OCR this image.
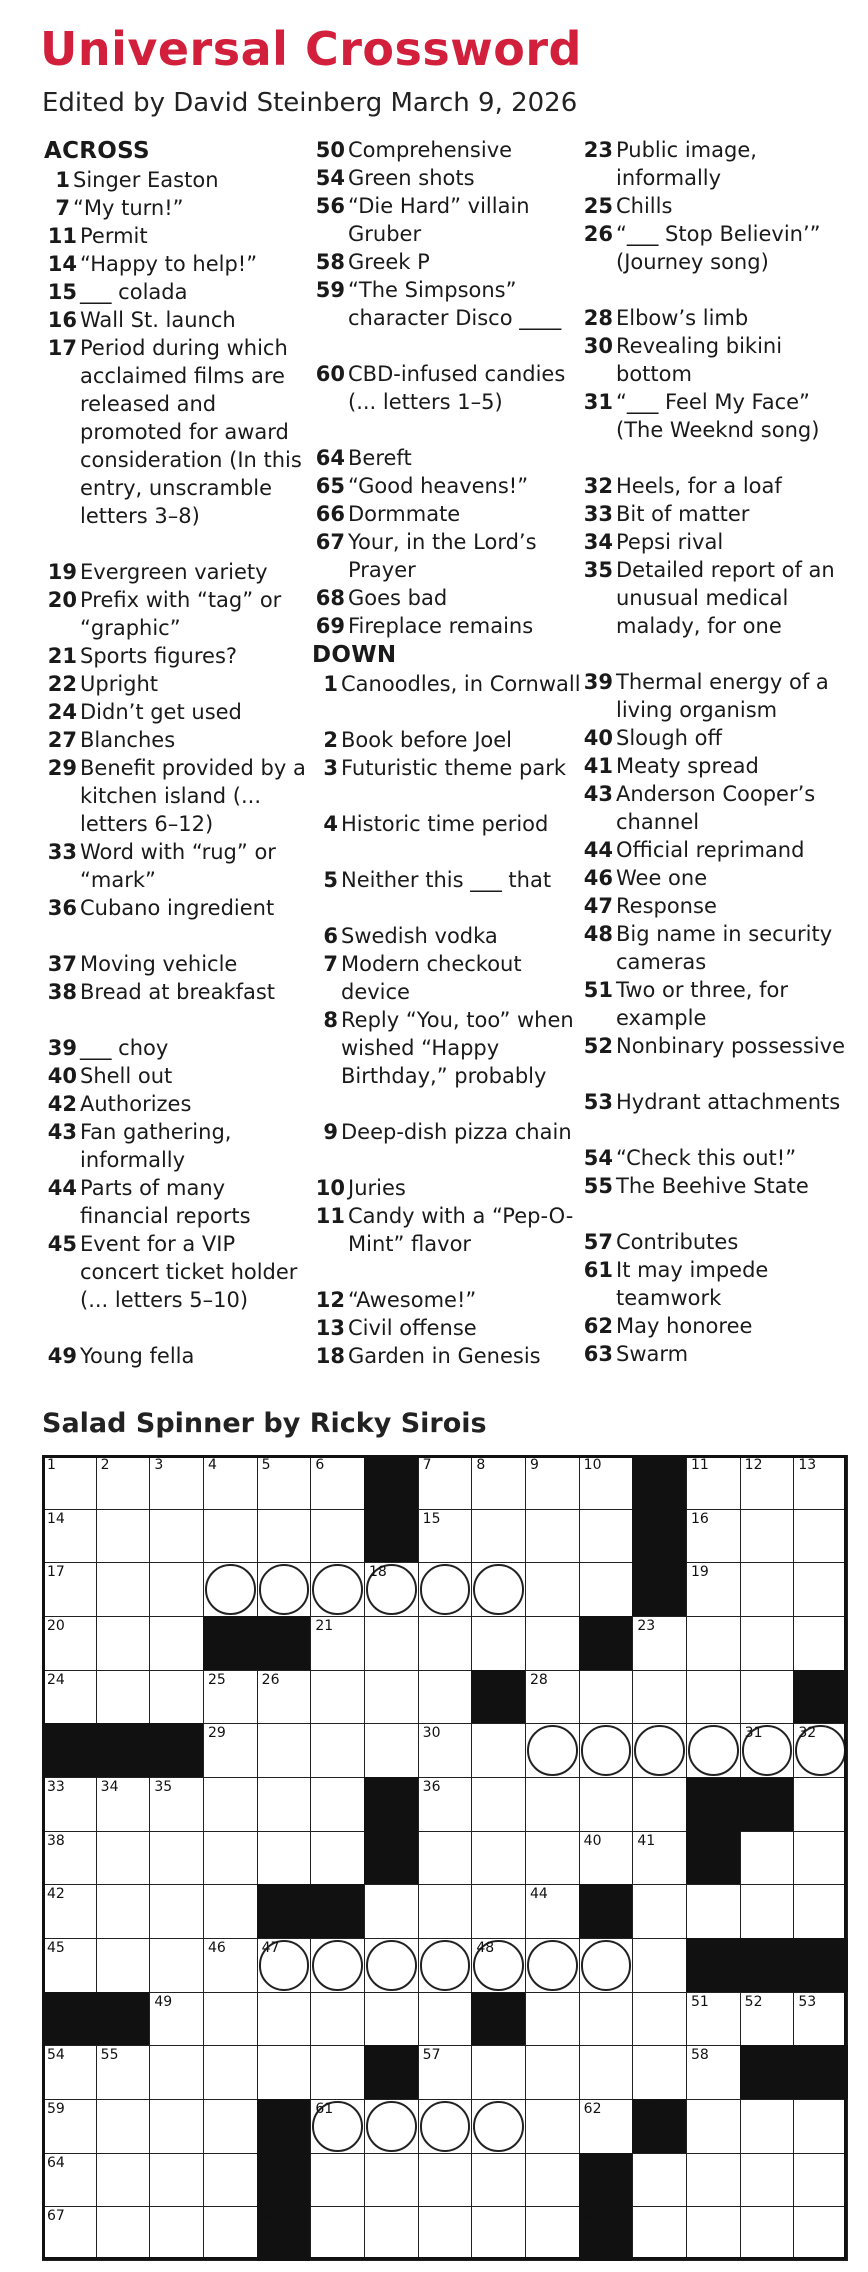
Universal Crossword
Edited by David Steinberg March 9, 2026
ACROSS
1 Singer Easton
7 “My turn!”
11 Permit
14 “Happy to help!”
15 ___ colada
16 Wall St. launch
17 Period during which acclaimed films are released and promoted for award consideration (In this entry, unscramble letters 3–8)
19 Evergreen variety
20 Prefix with “tag” or “graphic”
21 Sports figures?
22 Upright
24 Didn’t get used
27 Blanches
29 Benefit provided by a kitchen island (... letters 6–12)
33 Word with “rug” or “mark”
36 Cubano ingredient
37 Moving vehicle
38 Bread at breakfast
39 ___ choy
40 Shell out
42 Authorizes
43 Fan gathering, informally
44 Parts of many financial reports
45 Event for a VIP concert ticket holder (... letters 5–10)
49 Young fella
50 Comprehensive
54 Green shots
56 “Die Hard” villain Gruber
58 Greek P
59 “The Simpsons” character Disco ____
60 CBD-infused candies (... letters 1–5)
64 Bereft
65 “Good heavens!”
66 Dormmate
67 Your, in the Lord’s Prayer
68 Goes bad
69 Fireplace remains
DOWN
1 Canoodles, in Cornwall
2 Book before Joel
3 Futuristic theme park
4 Historic time period
5 Neither this ___ that
6 Swedish vodka
7 Modern checkout device
8 Reply “You, too” when wished “Happy Birthday,” probably
9 Deep-dish pizza chain
10 Juries
11 Candy with a “Pep-O-Mint” flavor
12 “Awesome!”
13 Civil offense
18 Garden in Genesis
23 Public image, informally
25 Chills
26 “___ Stop Believin’” (Journey song)
28 Elbow’s limb
30 Revealing bikini bottom
31 “___ Feel My Face” (The Weeknd song)
32 Heels, for a loaf
33 Bit of matter
34 Pepsi rival
35 Detailed report of an unusual medical malady, for one
39 Thermal energy of a living organism
40 Slough off
41 Meaty spread
43 Anderson Cooper’s channel
44 Official reprimand
46 Wee one
47 Response
48 Big name in security cameras
51 Two or three, for example
52 Nonbinary possessive
53 Hydrant attachments
54 “Check this out!”
55 The Beehive State
57 Contributes
61 It may impede teamwork
62 May honoree
63 Swarm
Salad Spinner by Ricky Sirois
1	2	3	4	5	6	7	8	9	10	11	12	13
14	15	16
17	18	19
20	21	22	23
24	25	26	27	28
29	30	31	32
33	34	35	36	37
38	39	40	41
42	43	44
45	46	47	48
49	50	51	52	53
54	55	56	57	58
59	60	61	62	63
64	65	66
67	68	69
